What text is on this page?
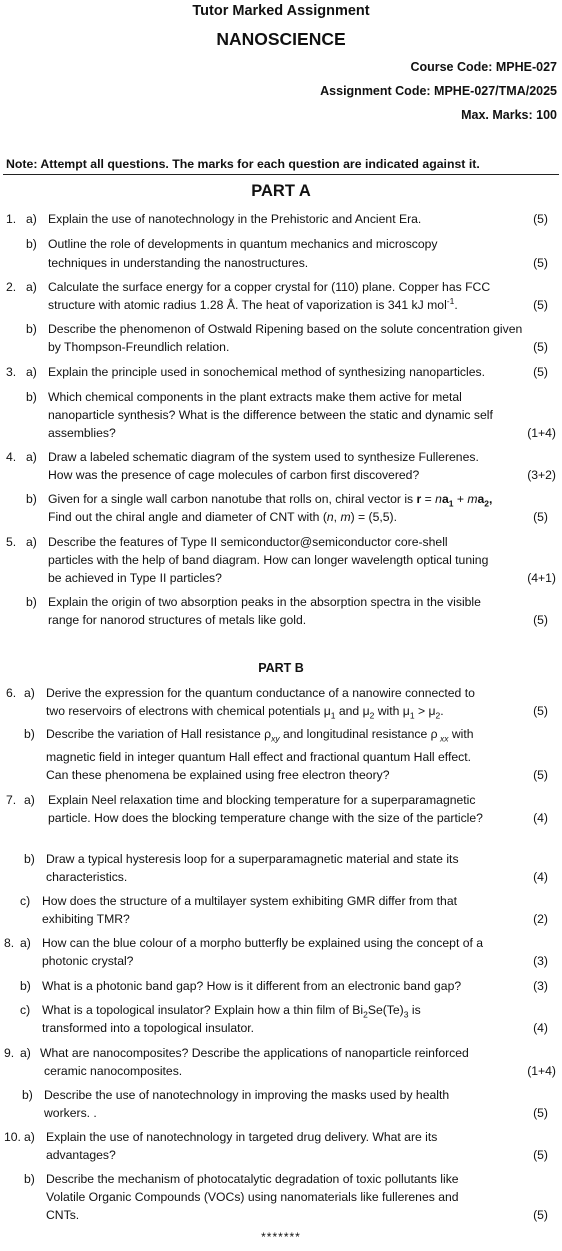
Tutor Marked Assignment
NANOSCIENCE
Course Code: MPHE-027
Assignment Code: MPHE-027/TMA/2025
Max. Marks: 100
Note: Attempt all questions. The marks for each question are indicated against it.
PART A
1. a) Explain the use of nanotechnology in the Prehistoric and Ancient Era.	(5)
b) Outline the role of developments in quantum mechanics and microscopy
techniques in understanding the nanostructures.	(5)
2. a) Calculate the surface energy for a copper crystal for (110) plane. Copper has FCC
structure with atomic radius 1.28 Å. The heat of vaporization is 341 kJ mol$^{-1}$.	(5)
b) Describe the phenomenon of Ostwald Ripening based on the solute concentration given
by Thompson-Freundlich relation.	(5)
3. a) Explain the principle used in sonochemical method of synthesizing nanoparticles.	(5)
b) Which chemical components in the plant extracts make them active for metal
nanoparticle synthesis? What is the difference between the static and dynamic self
assemblies?	(1+4)
4. a) Draw a labeled schematic diagram of the system used to synthesize Fullerenes.
How was the presence of cage molecules of carbon first discovered?	(3+2)
b) Given for a single wall carbon nanotube that rolls on, chiral vector is $r = na_1 + ma_2$,
Find out the chiral angle and diameter of CNT with (n, m) = (5,5).	(5)
5. a) Describe the features of Type II semiconductor@semiconductor core-shell
particles with the help of band diagram. How can longer wavelength optical tuning
be achieved in Type II particles?	(4+1)
b) Explain the origin of two absorption peaks in the absorption spectra in the visible
range for nanorod structures of metals like gold.	(5)
PART B
6. a) Derive the expression for the quantum conductance of a nanowire connected to
two reservoirs of electrons with chemical potentials $\mu_1$ and $\mu_2$ with $\mu_1 > \mu_2$.	(5)
b) Describe the variation of Hall resistance $\rho_{xy}$ and longitudinal resistance ρ $_{xx}$ with
magnetic field in integer quantum Hall effect and fractional quantum Hall effect.
Can these phenomena be explained using free electron theory?	(5)
7. a) Explain Neel relaxation time and blocking temperature for a superparamagnetic
particle. How does the blocking temperature change with the size of the particle?	(4)
b) Draw a typical hysteresis loop for a superparamagnetic material and state its
characteristics.	(4)
c) How does the structure of a multilayer system exhibiting GMR differ from that
exhibiting TMR?	(2)
8. a) How can the blue colour of a morpho butterfly be explained using the concept of a
photonic crystal?	(3)
b) What is a photonic band gap? How is it different from an electronic band gap?	(3)
c) What is a topological insulator? Explain how a thin film of $Bi_2Se(Te)_3$ is
transformed into a topological insulator.	(4)
9. a) What are nanocomposites? Describe the applications of nanoparticle reinforced
ceramic nanocomposites.	(1+4)
b) Describe the use of nanotechnology in improving the masks used by health
workers. .	(5)
10. a) Explain the use of nanotechnology in targeted drug delivery. What are its
advantages?	(5)
b) Describe the mechanism of photocatalytic degradation of toxic pollutants like
Volatile Organic Compounds (VOCs) using nanomaterials like fullerenes and
CNTs.	(5)
*******
